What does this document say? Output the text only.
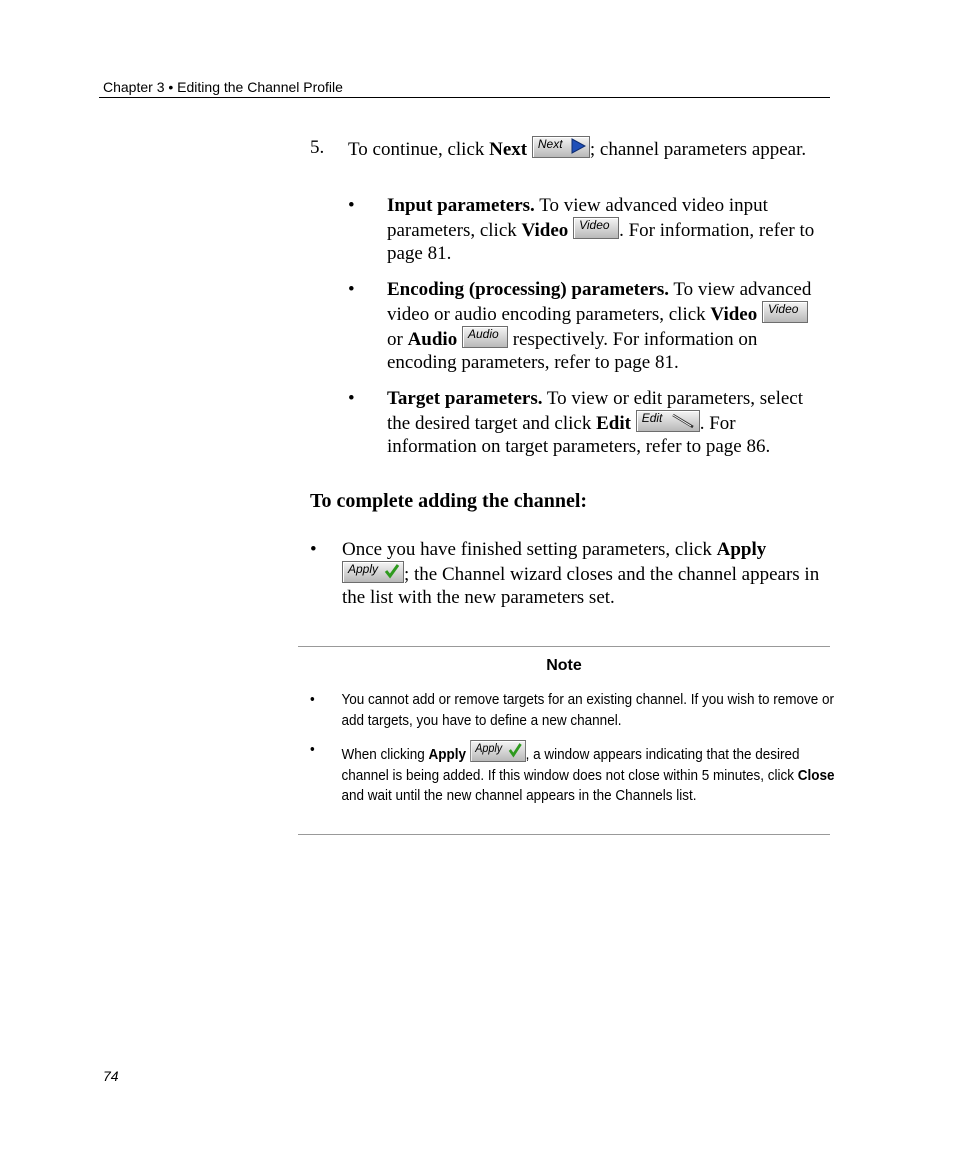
Chapter 3 • Editing the Channel Profile
5. To continue, click Next Next ; channel parameters appear.
• Input parameters. To view advanced video input parameters, click Video Video . For information, refer to page 81.
• Encoding (processing) parameters. To view advanced video or audio encoding parameters, click Video Video
or Audio Audio respectively. For information on encoding parameters, refer to page 81.
• Target parameters. To view or edit parameters, select the desired target and click Edit Edit . For information on target parameters, refer to page 86.
To complete adding the channel:
• Once you have finished setting parameters, click Apply
Apply ; the Channel wizard closes and the channel appears in the list with the new parameters set.
Note
• You cannot add or remove targets for an existing channel. If you wish to remove or add targets, you have to define a new channel.
• When clicking Apply Apply , a window appears indicating that the desired channel is being added. If this window does not close within 5 minutes, click Close and wait until the new channel appears in the Channels list.
74
